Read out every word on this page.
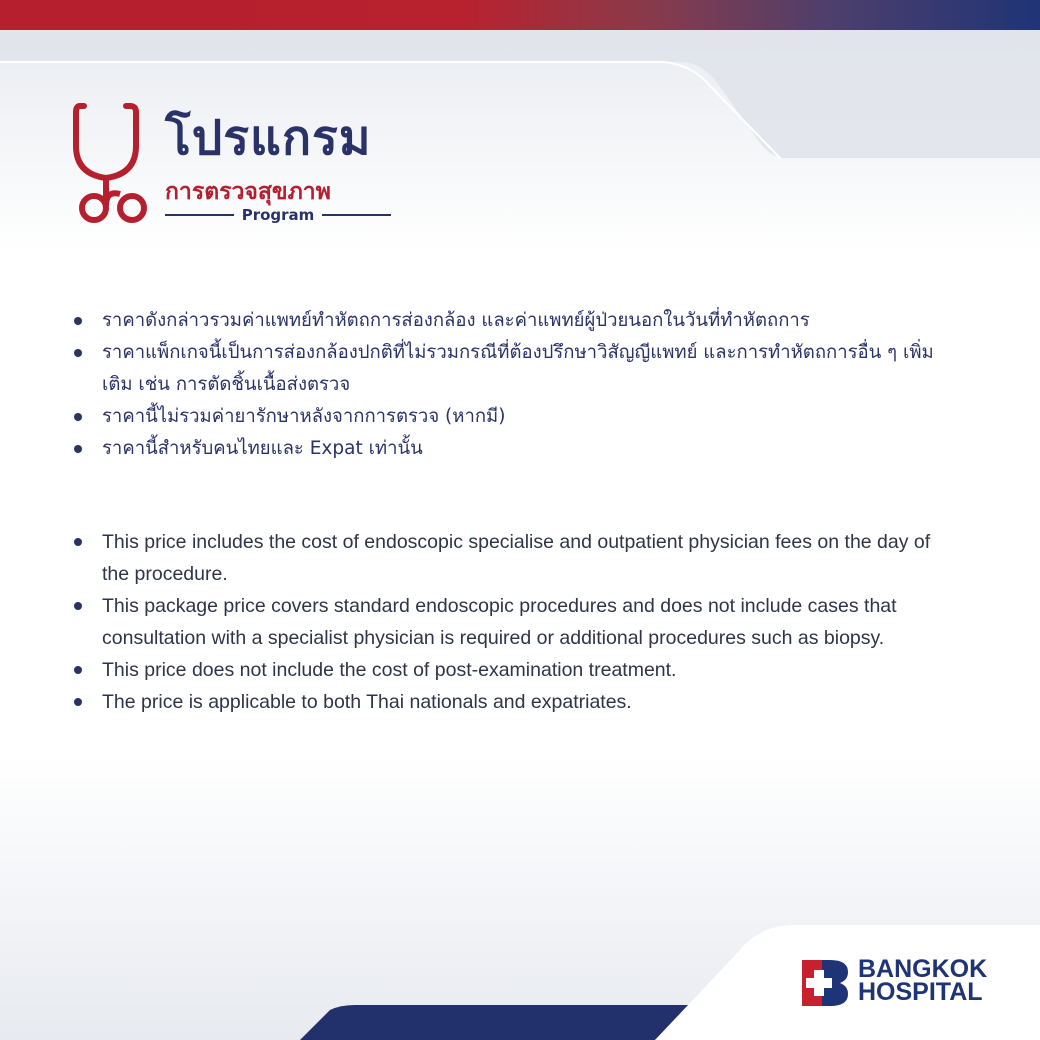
โปรแกรม
การตรวจสุขภาพ
Program
ราคาดังกล่าวรวมค่าแพทย์ทำหัตถการส่องกล้อง และค่าแพทย์ผู้ป่วยนอกในวันที่ทำหัตถการ
ราคาแพ็กเกจนี้เป็นการส่องกล้องปกติที่ไม่รวมกรณีที่ต้องปรึกษาวิสัญญีแพทย์ และการทำหัตถการอื่น ๆ เพิ่มเติม เช่น การตัดชิ้นเนื้อส่งตรวจ
ราคานี้ไม่รวมค่ายารักษาหลังจากการตรวจ (หากมี)
ราคานี้สำหรับคนไทยและ Expat เท่านั้น
This price includes the cost of endoscopic specialise and outpatient physician fees on the day of the procedure.
This package price covers standard endoscopic procedures and does not include cases that consultation with a specialist physician is required or additional procedures such as biopsy.
This price does not include the cost of post-examination treatment.
The price is applicable to both Thai nationals and expatriates.
BANGKOK
HOSPITAL
